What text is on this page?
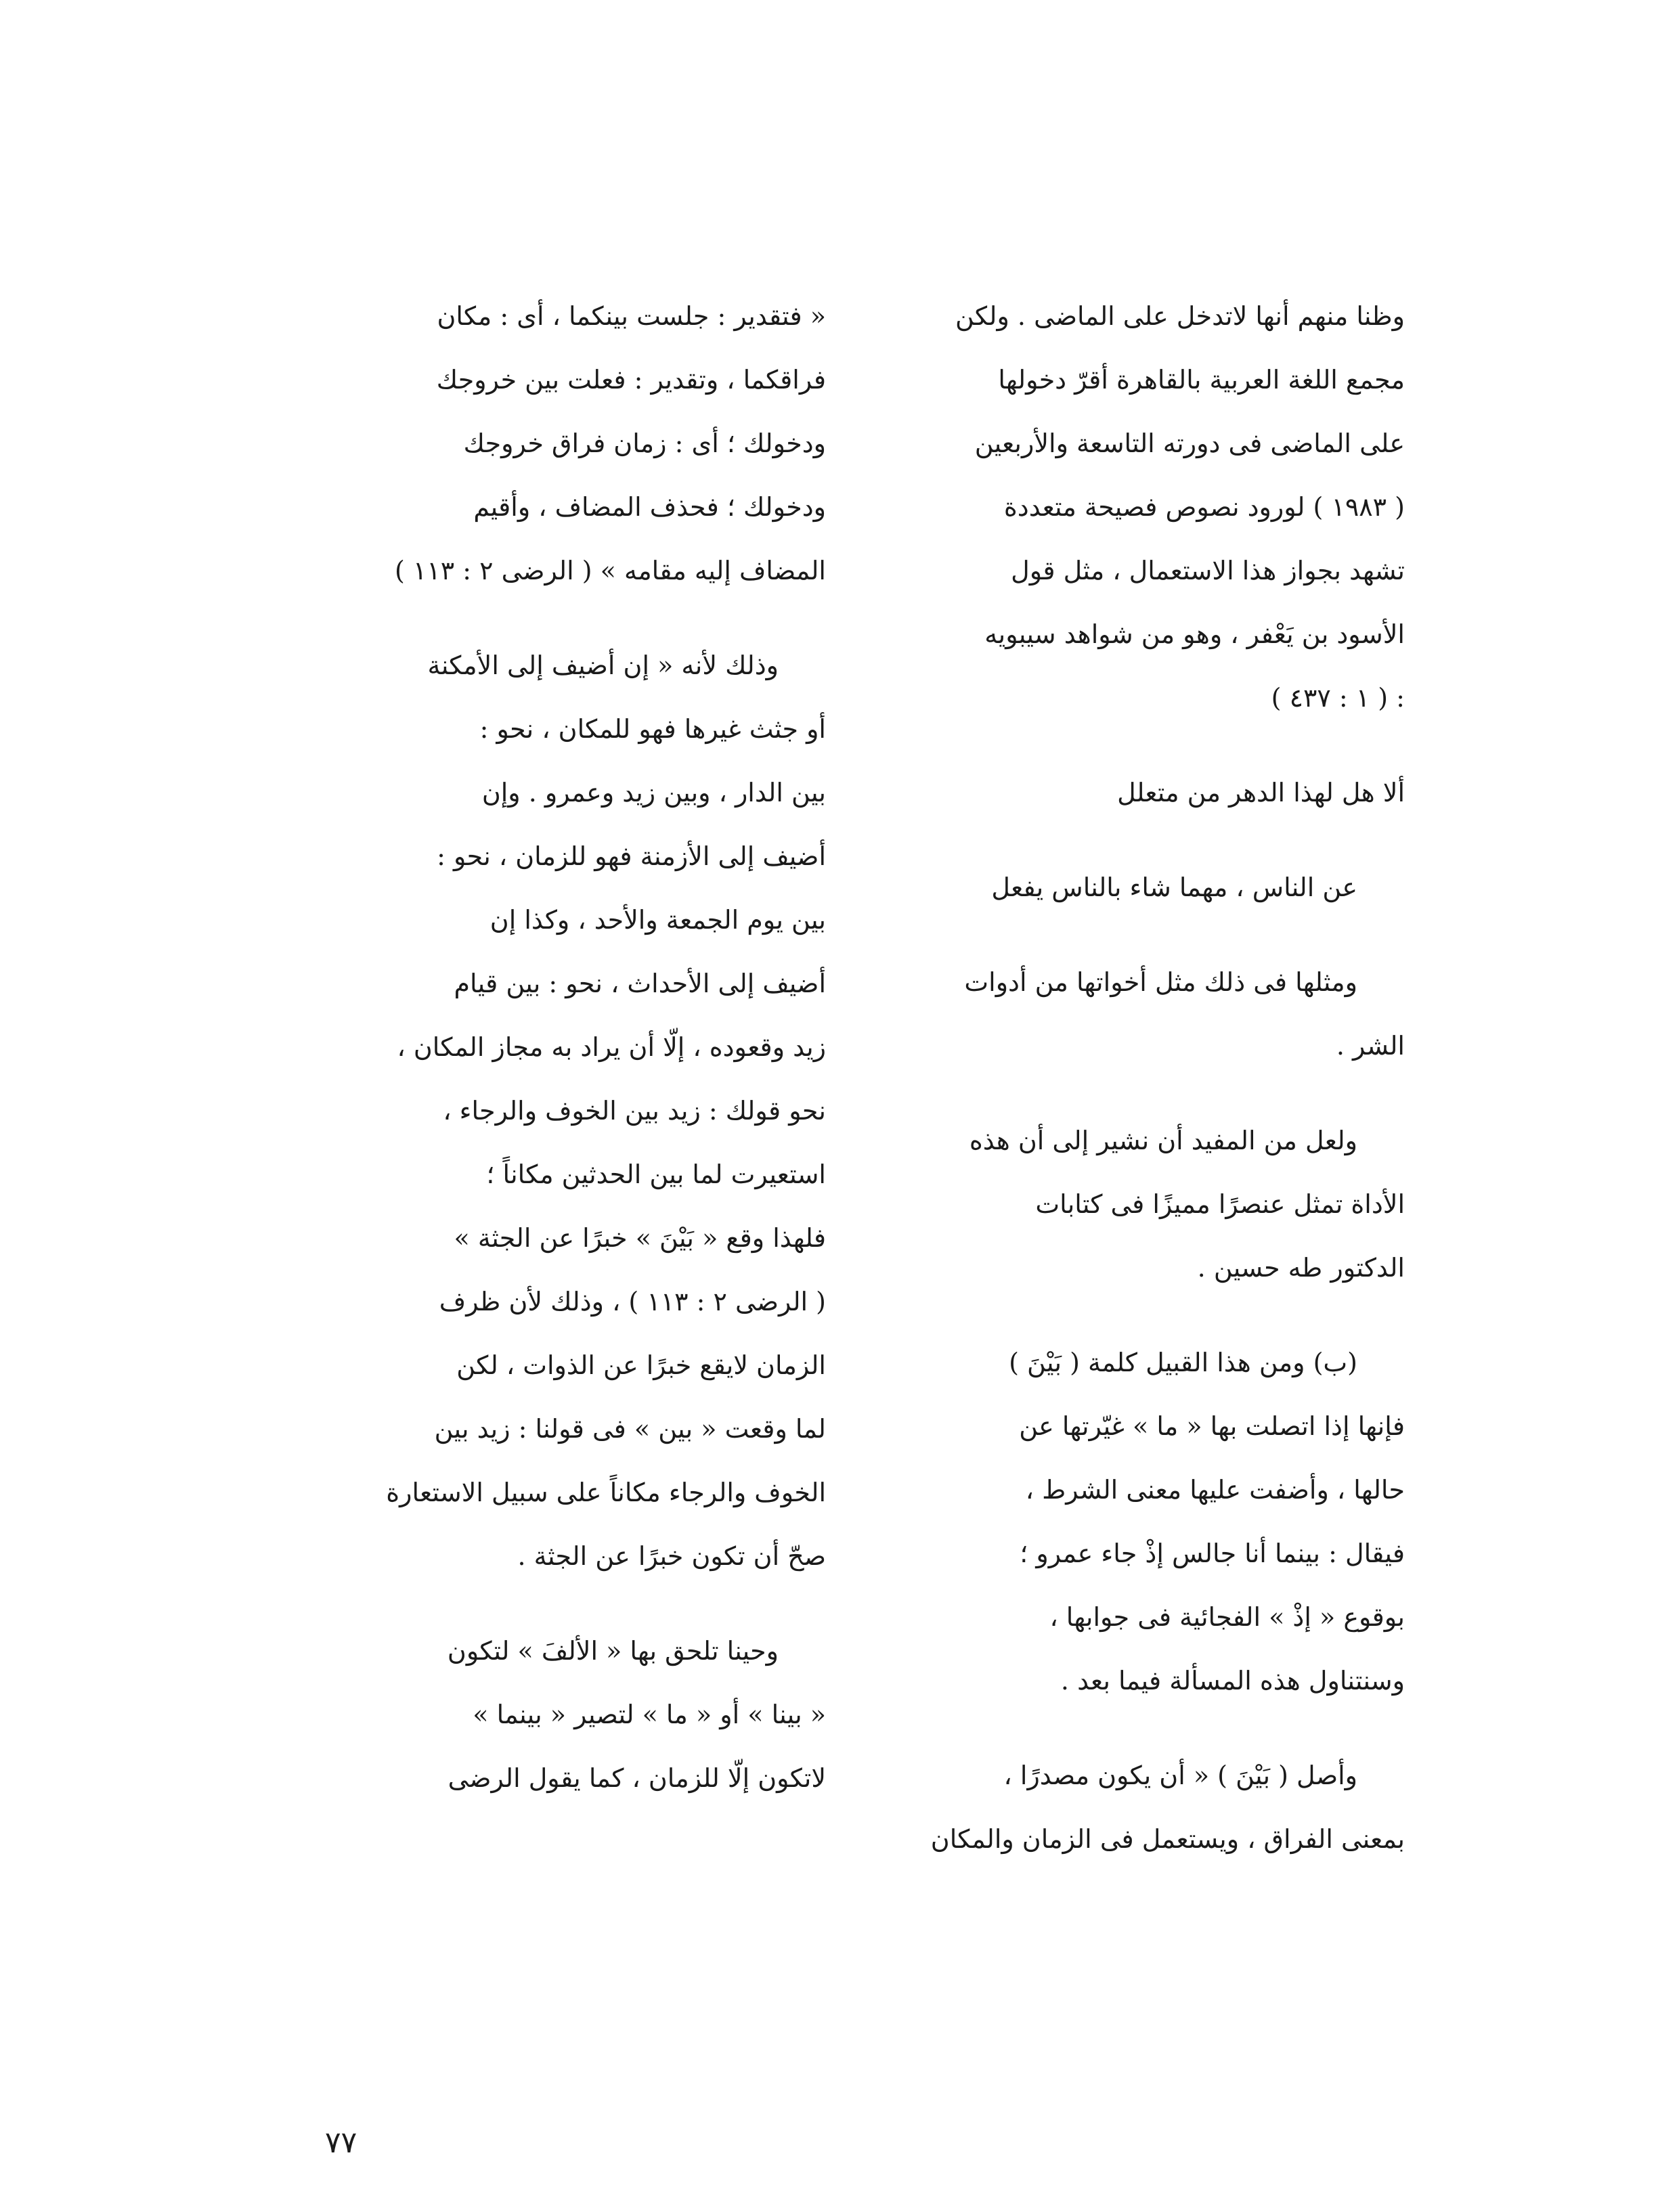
وظنا منهم أنها لاتدخل على الماضى . ولكن
مجمع اللغة العربية بالقاهرة أقرّ دخولها
على الماضى فى دورته التاسعة والأربعين
( ١٩٨٣ ) لورود نصوص فصيحة متعددة
تشهد بجواز هذا الاستعمال ، مثل قول
الأسود بن يَعْفر ، وهو من شواهد سيبويه
: ( ١ : ٤٣٧ )
ألا هل لهذا الدهر من متعلل
عن الناس ، مهما شاء بالناس يفعل
ومثلها فى ذلك مثل أخواتها من أدوات
الشر .
ولعل من المفيد أن نشير إلى أن هذه
الأداة تمثل عنصرًا مميزًا فى كتابات
الدكتور طه حسين .
(ب) ومن هذا القبيل كلمة ( بَيْنَ )
فإنها إذا اتصلت بها « ما » غيّرتها عن
حالها ، وأضفت عليها معنى الشرط ،
فيقال : بينما أنا جالس إذْ جاء عمرو ؛
بوقوع « إذْ » الفجائية فى جوابها ،
وسنتناول هذه المسألة فيما بعد .
وأصل ( بَيْنَ ) « أن يكون مصدرًا ،
بمعنى الفراق ، ويستعمل فى الزمان والمكان
« فتقدير : جلست بينكما ، أى : مكان
فراقكما ، وتقدير : فعلت بين خروجك
ودخولك ؛ أى : زمان فراق خروجك
ودخولك ؛ فحذف المضاف ، وأقيم
المضاف إليه مقامه » ( الرضى ٢ : ١١٣ )
وذلك لأنه « إن أضيف إلى الأمكنة
أو جثث غيرها فهو للمكان ، نحو :
بين الدار ، وبين زيد وعمرو . وإن
أضيف إلى الأزمنة فهو للزمان ، نحو :
بين يوم الجمعة والأحد ، وكذا إن
أضيف إلى الأحداث ، نحو : بين قيام
زيد وقعوده ، إلّا أن يراد به مجاز المكان ،
نحو قولك : زيد بين الخوف والرجاء ،
استعيرت لما بين الحدثين مكاناً ؛
فلهذا وقع « بَيْنَ » خبرًا عن الجثة »
( الرضى ٢ : ١١٣ ) ، وذلك لأن ظرف
الزمان لايقع خبرًا عن الذوات ، لكن
لما وقعت « بين » فى قولنا : زيد بين
الخوف والرجاء مكاناً على سبيل الاستعارة
صحّ أن تكون خبرًا عن الجثة .
وحينا تلحق بها « الألفَ » لتكون
« بينا » أو « ما » لتصير « بينما »
لاتكون إلّا للزمان ، كما يقول الرضى
٧٧
